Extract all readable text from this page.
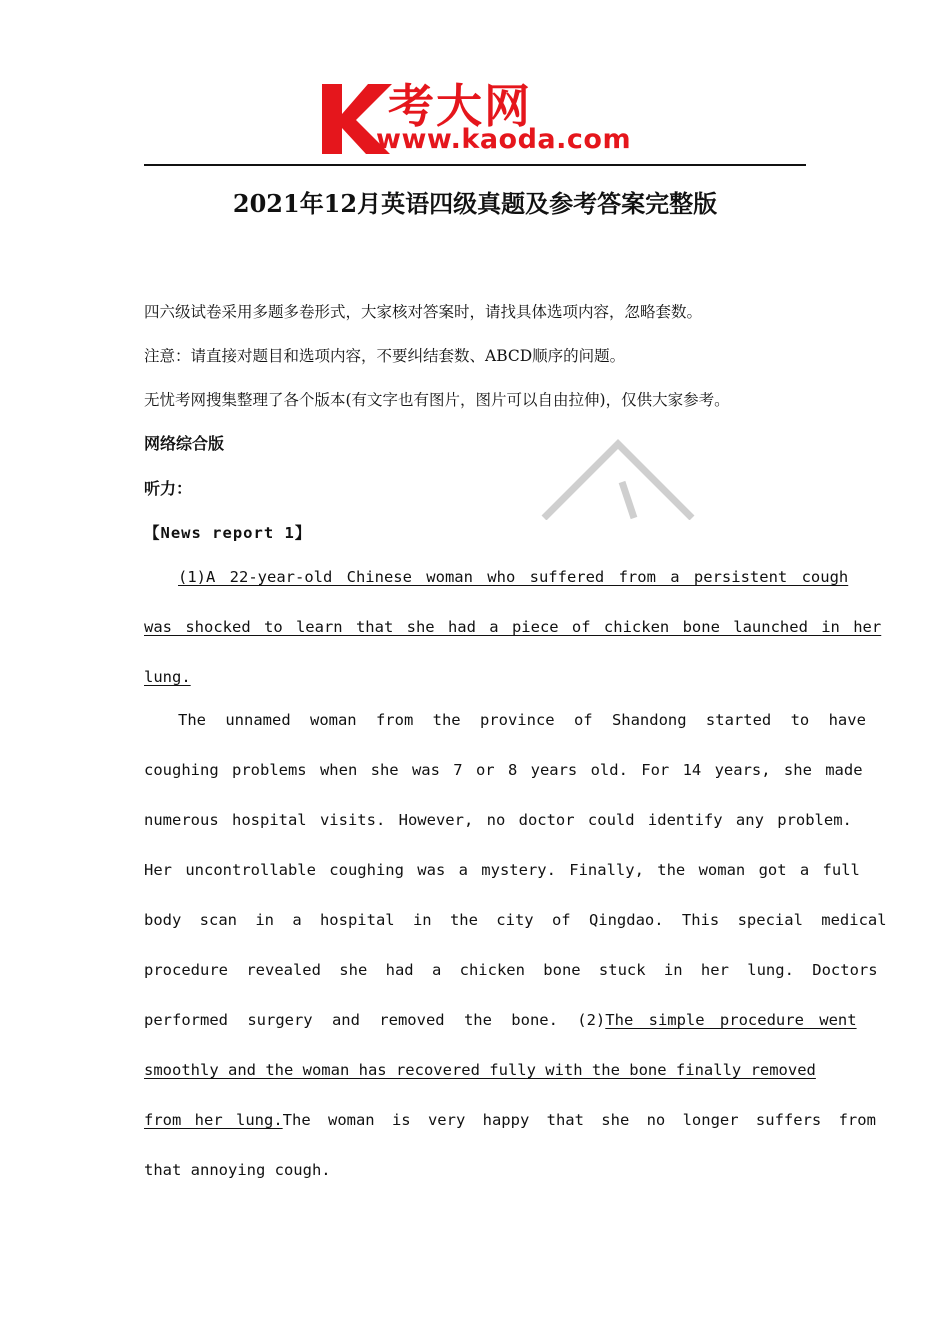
考大网
www.kaoda.com
2021年12月英语四级真题及参考答案完整版
四六级试卷采用多题多卷形式，大家核对答案时，请找具体选项内容，忽略套数。
注意：请直接对题目和选项内容，不要纠结套数、ABCD顺序的问题。
无忧考网搜集整理了各个版本(有文字也有图片，图片可以自由拉伸)，仅供大家参考。
网络综合版
听力：
【News report 1】
(1)A 22-year-old Chinese woman who suffered from a persistent cough
was shocked to learn that she had a piece of chicken bone launched in her
lung.
The unnamed woman from the province of Shandong started to have
coughing problems when she was 7 or 8 years old. For 14 years, she made
numerous hospital visits. However, no doctor could identify any problem.
Her uncontrollable coughing was a mystery. Finally, the woman got a full
body scan in a hospital in the city of Qingdao. This special medical
procedure revealed she had a chicken bone stuck in her lung. Doctors
performed surgery and removed the bone. (2) The simple procedure went
smoothly and the woman has recovered fully with the bone finally removed
from her lung. The woman is very happy that she no longer suffers from
that annoying cough.
